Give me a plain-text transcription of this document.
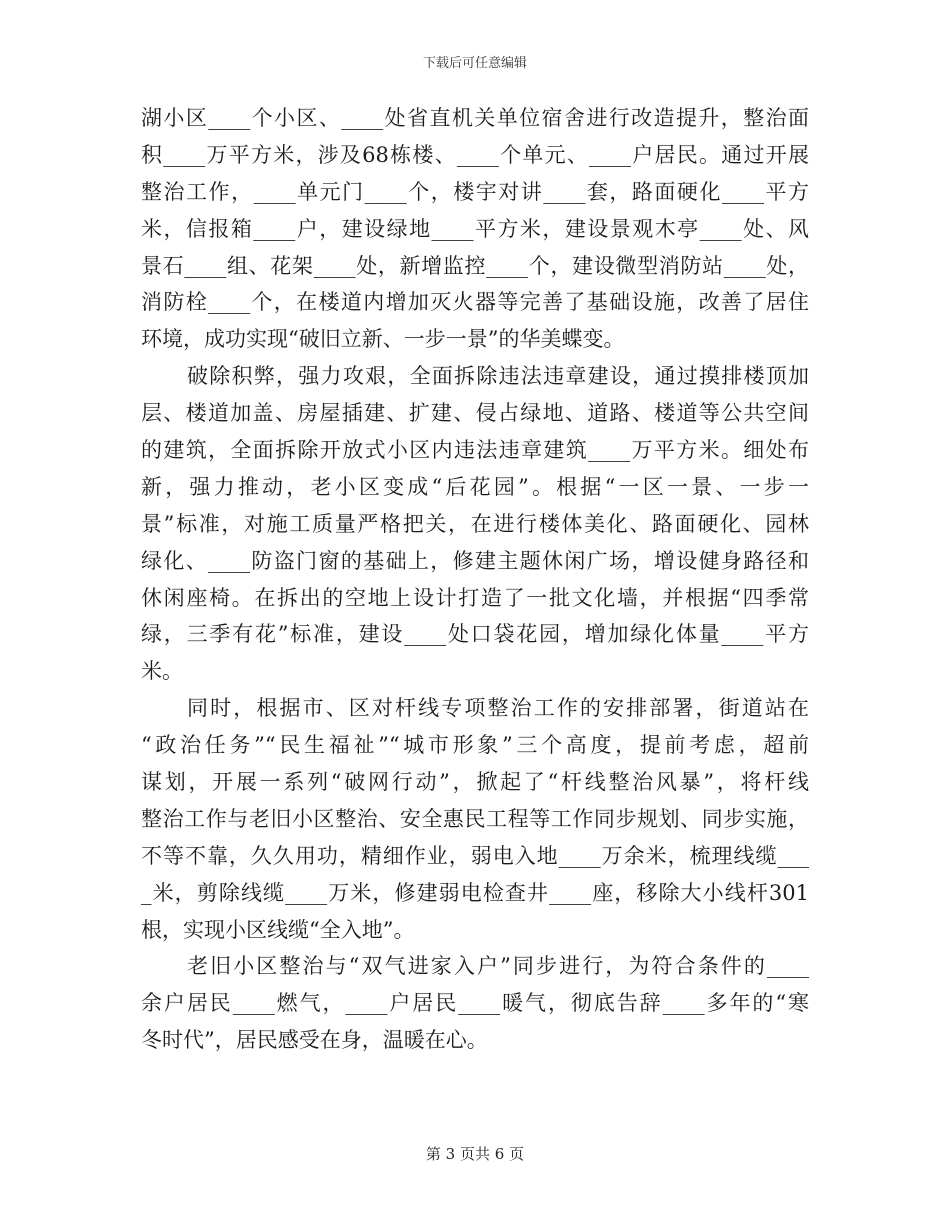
下载后可任意编辑
湖小区____个小区、____处省直机关单位宿舍进行改造提升，整治面
积____万平方米，涉及68栋楼、____个单元、____户居民。通过开展
整治工作，____单元门____个，楼宇对讲____套，路面硬化____平方
米，信报箱____户，建设绿地____平方米，建设景观木亭____处、风
景石____组、花架____处，新增监控____个，建设微型消防站____处，
消防栓____个，在楼道内增加灭火器等完善了基础设施，改善了居住
环境，成功实现“破旧立新、一步一景”的华美蝶变。
破除积弊，强力攻艰，全面拆除违法违章建设，通过摸排楼顶加
层、楼道加盖、房屋插建、扩建、侵占绿地、道路、楼道等公共空间
的建筑，全面拆除开放式小区内违法违章建筑____万平方米。细处布
新，强力推动，老小区变成“后花园”。根据“一区一景、一步一
景”标准，对施工质量严格把关，在进行楼体美化、路面硬化、园林
绿化、____防盗门窗的基础上，修建主题休闲广场，增设健身路径和
休闲座椅。在拆出的空地上设计打造了一批文化墙，并根据“四季常
绿，三季有花”标准，建设____处口袋花园，增加绿化体量____平方
米。
同时，根据市、区对杆线专项整治工作的安排部署，街道站在
“政治任务”“民生福祉”“城市形象”三个高度，提前考虑，超前
谋划，开展一系列“破网行动”，掀起了“杆线整治风暴”，将杆线
整治工作与老旧小区整治、安全惠民工程等工作同步规划、同步实施，
不等不靠，久久用功，精细作业，弱电入地____万余米，梳理线缆___
_米，剪除线缆____万米，修建弱电检查井____座，移除大小线杆301
根，实现小区线缆“全入地”。
老旧小区整治与“双气进家入户”同步进行，为符合条件的____
余户居民____燃气，____户居民____暖气，彻底告辞____多年的“寒
冬时代”，居民感受在身，温暖在心。
第 3 页共 6 页
